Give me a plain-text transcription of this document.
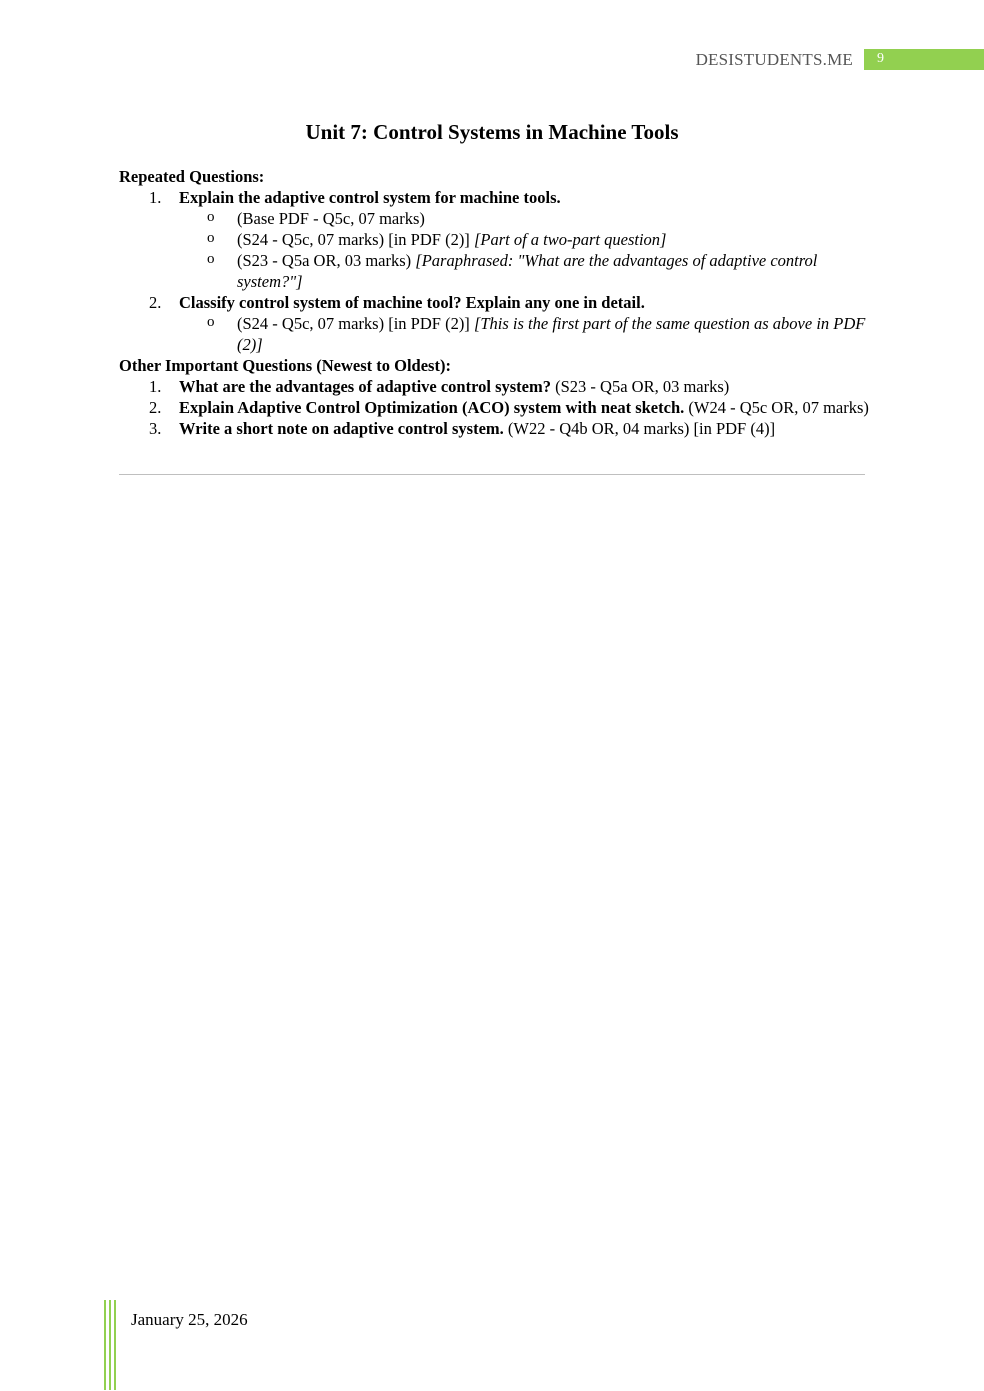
DESISTUDENTS.ME	9
Unit 7: Control Systems in Machine Tools
Repeated Questions:
1. Explain the adaptive control system for machine tools.
o (Base PDF - Q5c, 07 marks)
o (S24 - Q5c, 07 marks) [in PDF (2)] [Part of a two-part question]
o (S23 - Q5a OR, 03 marks) [Paraphrased: "What are the advantages of adaptive control system?"]
2. Classify control system of machine tool? Explain any one in detail.
o (S24 - Q5c, 07 marks) [in PDF (2)] [This is the first part of the same question as above in PDF (2)]
Other Important Questions (Newest to Oldest):
1. What are the advantages of adaptive control system? (S23 - Q5a OR, 03 marks)
2. Explain Adaptive Control Optimization (ACO) system with neat sketch. (W24 - Q5c OR, 07 marks)
3. Write a short note on adaptive control system. (W22 - Q4b OR, 04 marks) [in PDF (4)]
January 25, 2026
